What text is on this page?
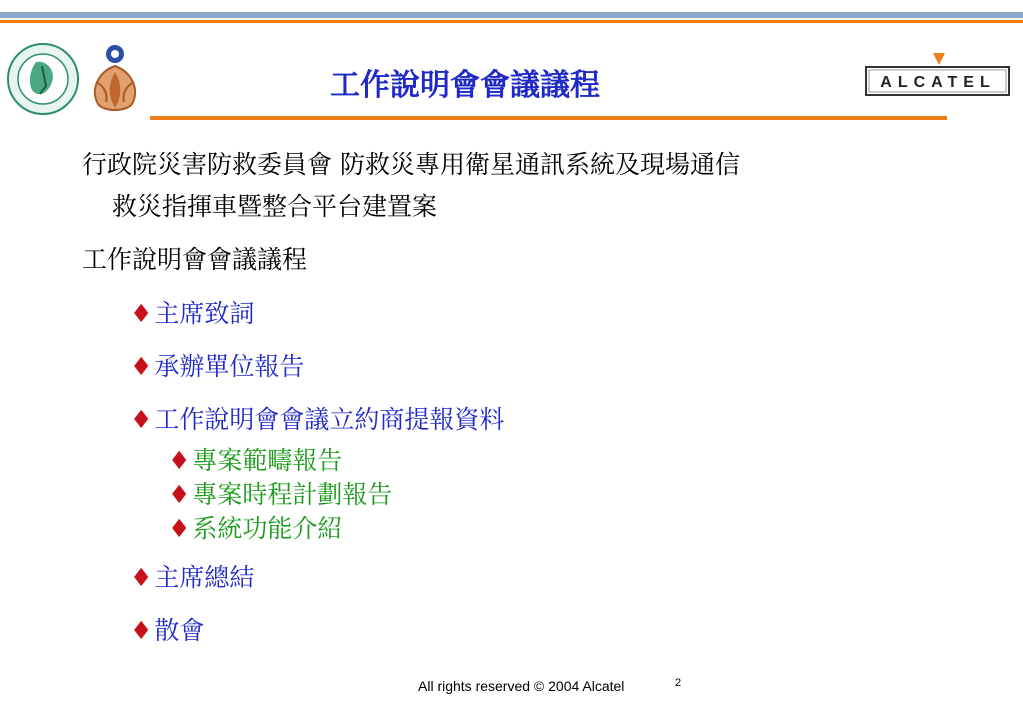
工作說明會會議議程	ALCATEL
行政院災害防救委員會 防救災專用衛星通訊系統及現場通信
救災指揮車暨整合平台建置案
工作說明會會議議程
♦主席致詞
♦承辦單位報告
♦工作說明會會議立約商提報資料
♦專案範疇報告
♦專案時程計劃報告
♦系統功能介紹
♦主席總結
♦散會
All rights reserved © 2004 Alcatel	2
